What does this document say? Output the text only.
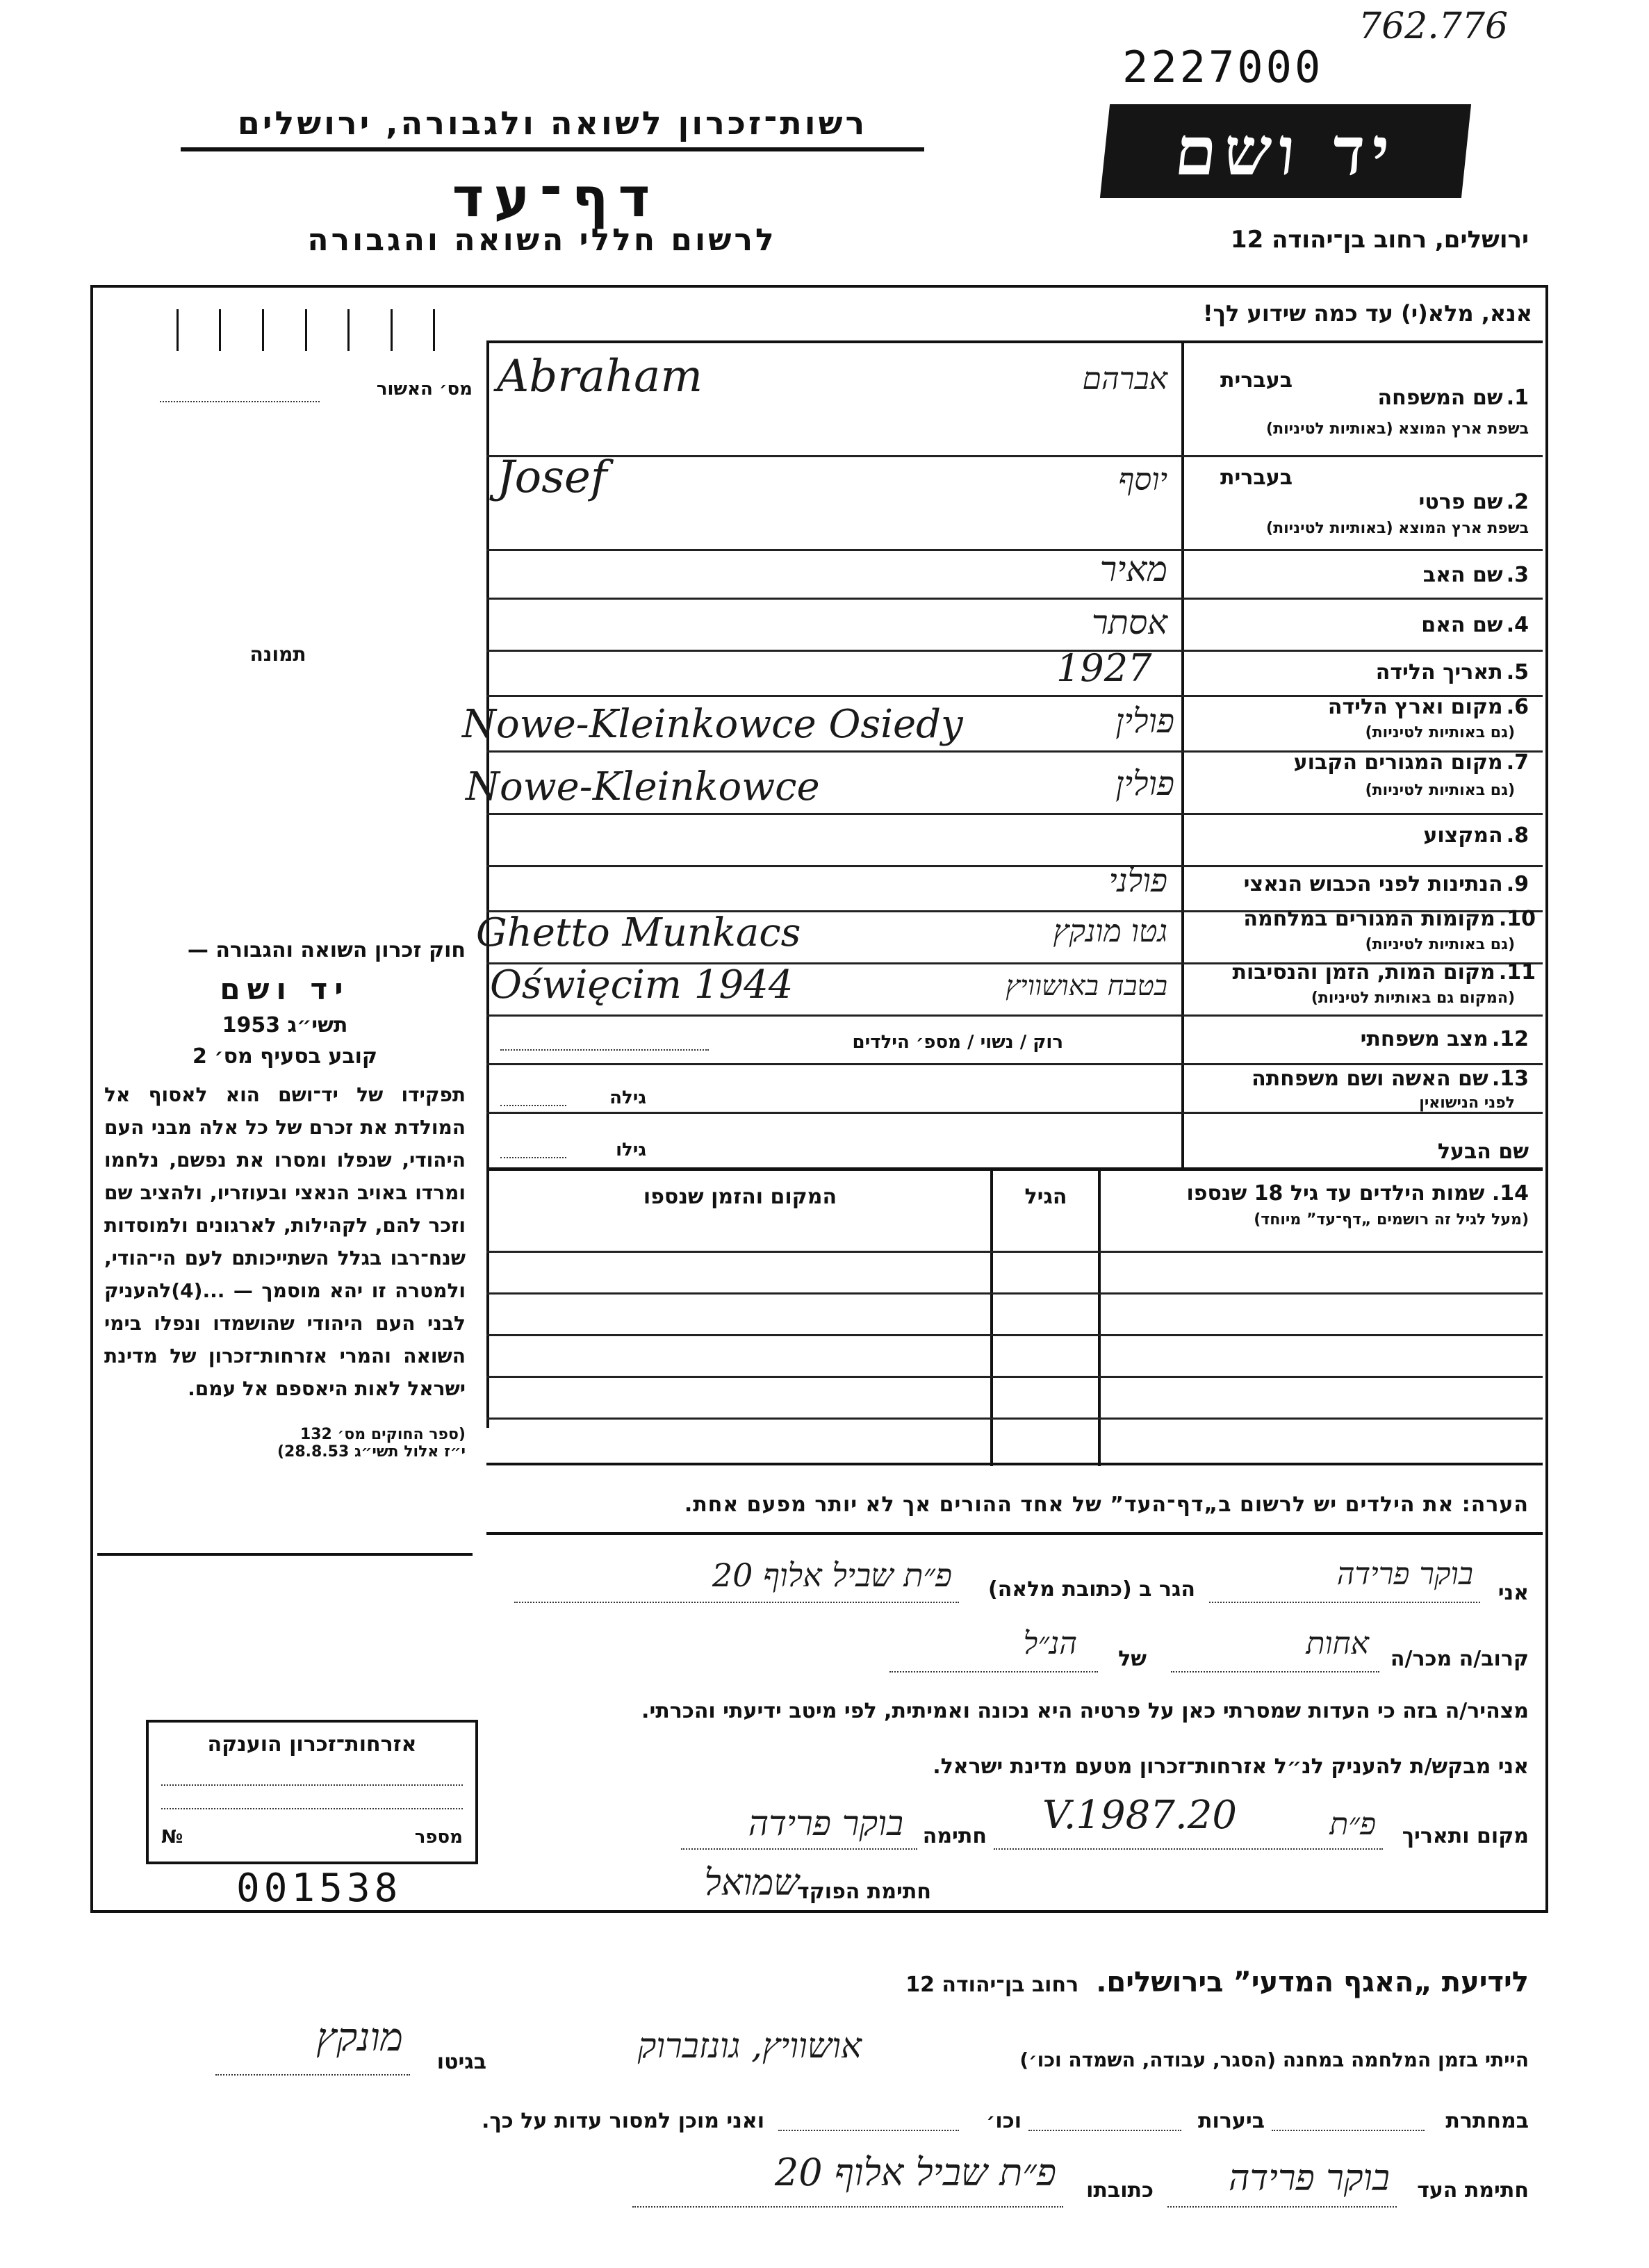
762.776
2227000
רשות־זכרון לשואה ולגבורה, ירושלים
דף־עד
לרשום חללי השואה והגבורה
יד ושם
ירושלים, רחוב בן־יהודה 12
אנא, מלא(י) עד כמה שידוע לך!
מס׳ האשור
תמונה
1. שם המשפחה
בשפת ארץ המוצא (באותיות לטיניות)
בעברית
Abraham	אברהם
2. שם פרטי
בשפת ארץ המוצא (באותיות לטיניות)
בעברית
Josef	יוסף
3. שם האב
מאיר
4. שם האם
אסתר
5. תאריך הלידה
1927
6. מקום וארץ הלידה
(גם באותיות לטיניות)
Nowe-Kleinkowce Osiedy	פולין
7. מקום המגורים הקבוע
(גם באותיות לטיניות)
Nowe-Kleinkowce	פולין
8. המקצוע
9. הנתינות לפני הכבוש הנאצי
פולני
10. מקומות המגורים במלחמה
(גם באותיות לטיניות)
Ghetto Munkacs	גטו מונקץ
11. מקום המות, הזמן והנסיבות
(המקום גם באותיות לטיניות)
Oświęcim 1944	בטבח באושוויץ
12. מצב משפחתי
רוק / נשוי / מספ׳ הילדים
13. שם האשה ושם משפחתה
לפני הנישואין
גילה
שם הבעל
גילו
14. שמות הילדים עד גיל 18 שנספו
(מעל לגיל זה רושמים „דף־עד” מיוחד)
הגיל
המקום והזמן שנספו
הערה: את הילדים יש לרשום ב„דף־העד” של אחד ההורים אך לא יותר מפעם אחת.
חוק זכרון השואה והגבורה —
יד ושם
תשי״ג 1953
קובע בסעיף מס׳ 2
תפקידו של יד־ושם הוא לאסוף אל המולדת את זכרם של כל אלה מבני העם היהודי, שנפלו ומסרו את נפשם, נלחמו ומרדו באויב הנאצי ובעוזריו, ולהציב שם וזכר להם, לקהילות, לארגונים ולמוסדות שנח־רבו בגלל השתייכותם לעם הי־הודי, ולמטרה זו יהא מוסמך — ...(4)להעניק לבני העם היהודי שהושמדו ונפלו בימי השואה והמרי אזרחות־זכרון של מדינת ישראל לאות היאספם אל עמם.
(ספר החוקים מס׳ 132
י״ז אלול תשי״ג 28.8.53)
אני
בוקר פרידה
הגר ב (כתובת מלאה)
פ״ת שביל אלוף 20
קרוב/ה מכר/ה
אחות
של
הנ״ל
מצהיר/ה בזה כי העדות שמסרתי כאן על פרטיה היא נכונה ואמיתית, לפי מיטב ידיעתי והכרתי.
אני מבקש/ת להעניק לנ״ל אזרחות־זכרון מטעם מדינת ישראל.
מקום ותאריך
פ״ת
20.V.1987
חתימה
בוקר פרידה
חתימת הפוקד
שמואל
אזרחות־זכרון הוענקה
№	מספר
001538
לידיעת „האגף המדעי” בירושלים. רחוב בן־יהודה 12
הייתי בזמן המלחמה במחנה (הסגר, עבודה, השמדה וכו׳)
אושוויץ, גונזברוק
בגיטו
מונקץ
במחתרת
ביערות
וכו׳
ואני מוכן למסור עדות על כך.
חתימת העד
בוקר פרידה
כתובתו
פ״ת שביל אלוף 20
